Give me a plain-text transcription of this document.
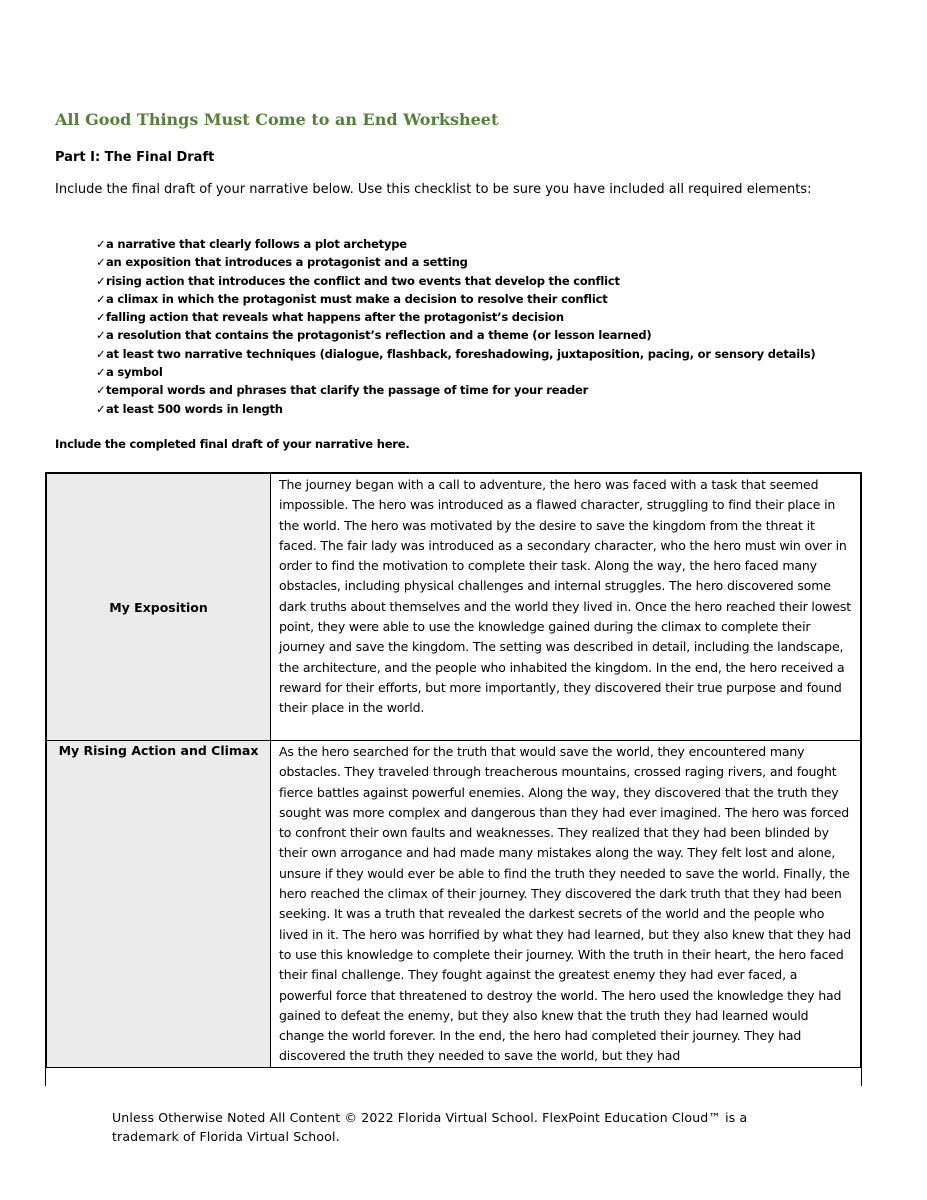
All Good Things Must Come to an End Worksheet
Part I: The Final Draft

Include the final draft of your narrative below. Use this checklist to be sure you have included all required elements:

✓ a narrative that clearly follows a plot archetype
✓ an exposition that introduces a protagonist and a setting
✓ rising action that introduces the conflict and two events that develop the conflict
✓ a climax in which the protagonist must make a decision to resolve their conflict
✓ falling action that reveals what happens after the protagonist’s decision
✓ a resolution that contains the protagonist’s reflection and a theme (or lesson learned)
✓ at least two narrative techniques (dialogue, flashback, foreshadowing, juxtaposition, pacing, or sensory details)
✓ a symbol
✓ temporal words and phrases that clarify the passage of time for your reader
✓ at least 500 words in length

Include the completed final draft of your narrative here.

My Exposition	The journey began with a call to adventure, the hero was faced with a task that seemed impossible. The hero was introduced as a flawed character, struggling to find their place in the world. The hero was motivated by the desire to save the kingdom from the threat it faced. The fair lady was introduced as a secondary character, who the hero must win over in order to find the motivation to complete their task. Along the way, the hero faced many obstacles, including physical challenges and internal struggles. The hero discovered some dark truths about themselves and the world they lived in. Once the hero reached their lowest point, they were able to use the knowledge gained during the climax to complete their journey and save the kingdom. The setting was described in detail, including the landscape, the architecture, and the people who inhabited the kingdom. In the end, the hero received a reward for their efforts, but more importantly, they discovered their true purpose and found their place in the world.
My Rising Action and Climax	As the hero searched for the truth that would save the world, they encountered many obstacles. They traveled through treacherous mountains, crossed raging rivers, and fought fierce battles against powerful enemies. Along the way, they discovered that the truth they sought was more complex and dangerous than they had ever imagined. The hero was forced to confront their own faults and weaknesses. They realized that they had been blinded by their own arrogance and had made many mistakes along the way. They felt lost and alone, unsure if they would ever be able to find the truth they needed to save the world. Finally, the hero reached the climax of their journey. They discovered the dark truth that they had been seeking. It was a truth that revealed the darkest secrets of the world and the people who lived in it. The hero was horrified by what they had learned, but they also knew that they had to use this knowledge to complete their journey. With the truth in their heart, the hero faced their final challenge. They fought against the greatest enemy they had ever faced, a powerful force that threatened to destroy the world. The hero used the knowledge they had gained to defeat the enemy, but they also knew that the truth they had learned would change the world forever. In the end, the hero had completed their journey. They had discovered the truth they needed to save the world, but they had

Unless Otherwise Noted All Content © 2022 Florida Virtual School. FlexPoint Education Cloud™ is a trademark of Florida Virtual School.
